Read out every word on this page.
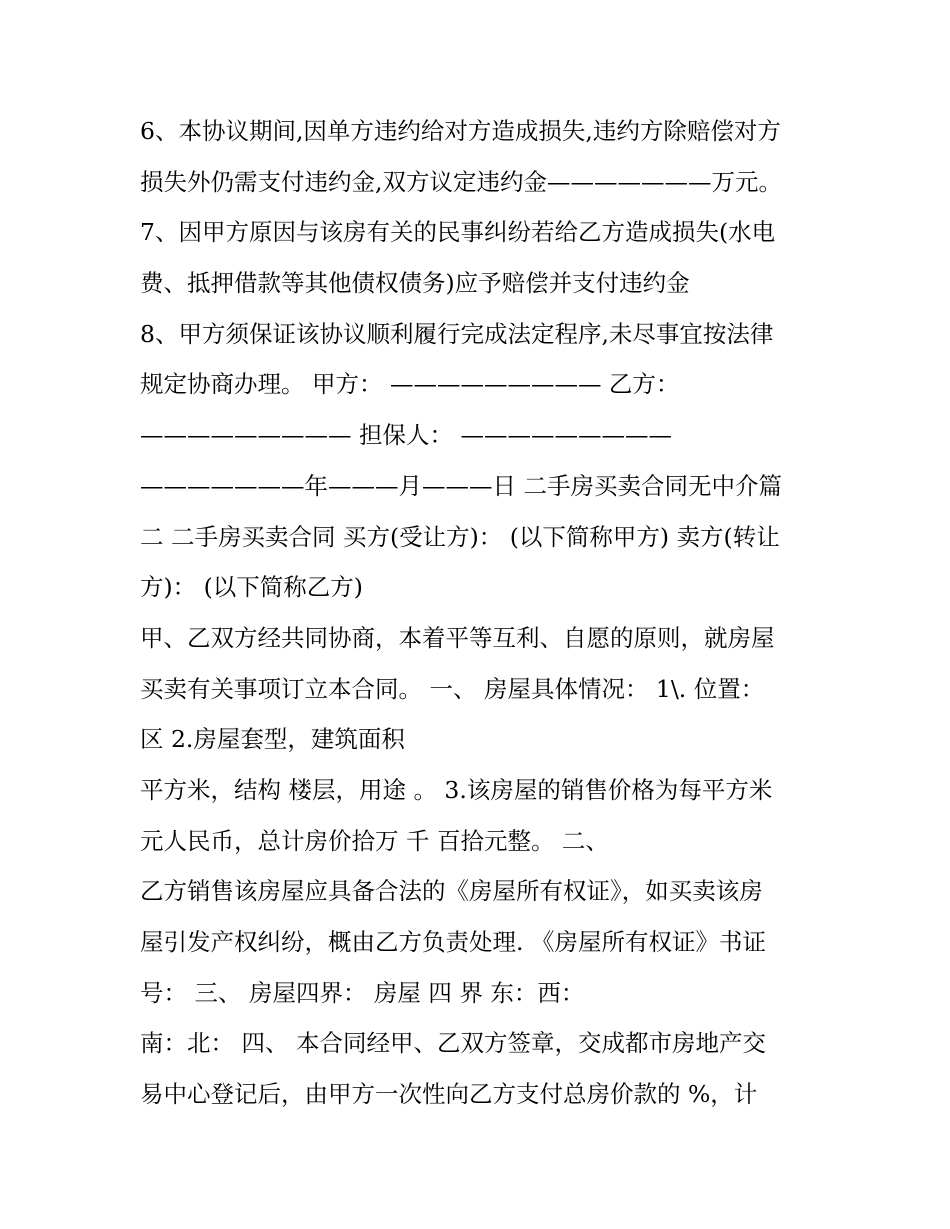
6、本协议期间,因单方违约给对方造成损失,违约方除赔偿对方
损失外仍需支付违约金,双方议定违约金———————万元。
7、因甲方原因与该房有关的民事纠纷若给乙方造成损失(水电
费、抵押借款等其他债权债务)应予赔偿并支付违约金
8、甲方须保证该协议顺利履行完成法定程序,未尽事宜按法律
规定协商办理。 甲方： ————————— 乙方：
————————— 担保人： —————————
———————年———月———日 二手房买卖合同无中介篇
二 二手房买卖合同 买方(受让方)： (以下简称甲方) 卖方(转让
方)： (以下简称乙方)
甲、乙双方经共同协商，本着平等互利、自愿的原则，就房屋
买卖有关事项订立本合同。 一、 房屋具体情况： 1\. 位置：
区 2.房屋套型，建筑面积
平方米，结构 楼层，用途 。 3.该房屋的销售价格为每平方米
元人民币，总计房价拾万 千 百拾元整。 二、
乙方销售该房屋应具备合法的《房屋所有权证》，如买卖该房
屋引发产权纠纷，概由乙方负责处理. 《房屋所有权证》书证
号： 三、 房屋四界： 房屋 四 界 东：西：
南：北： 四、 本合同经甲、乙双方签章，交成都市房地产交
易中心登记后，由甲方一次性向乙方支付总房价款的 %，计
